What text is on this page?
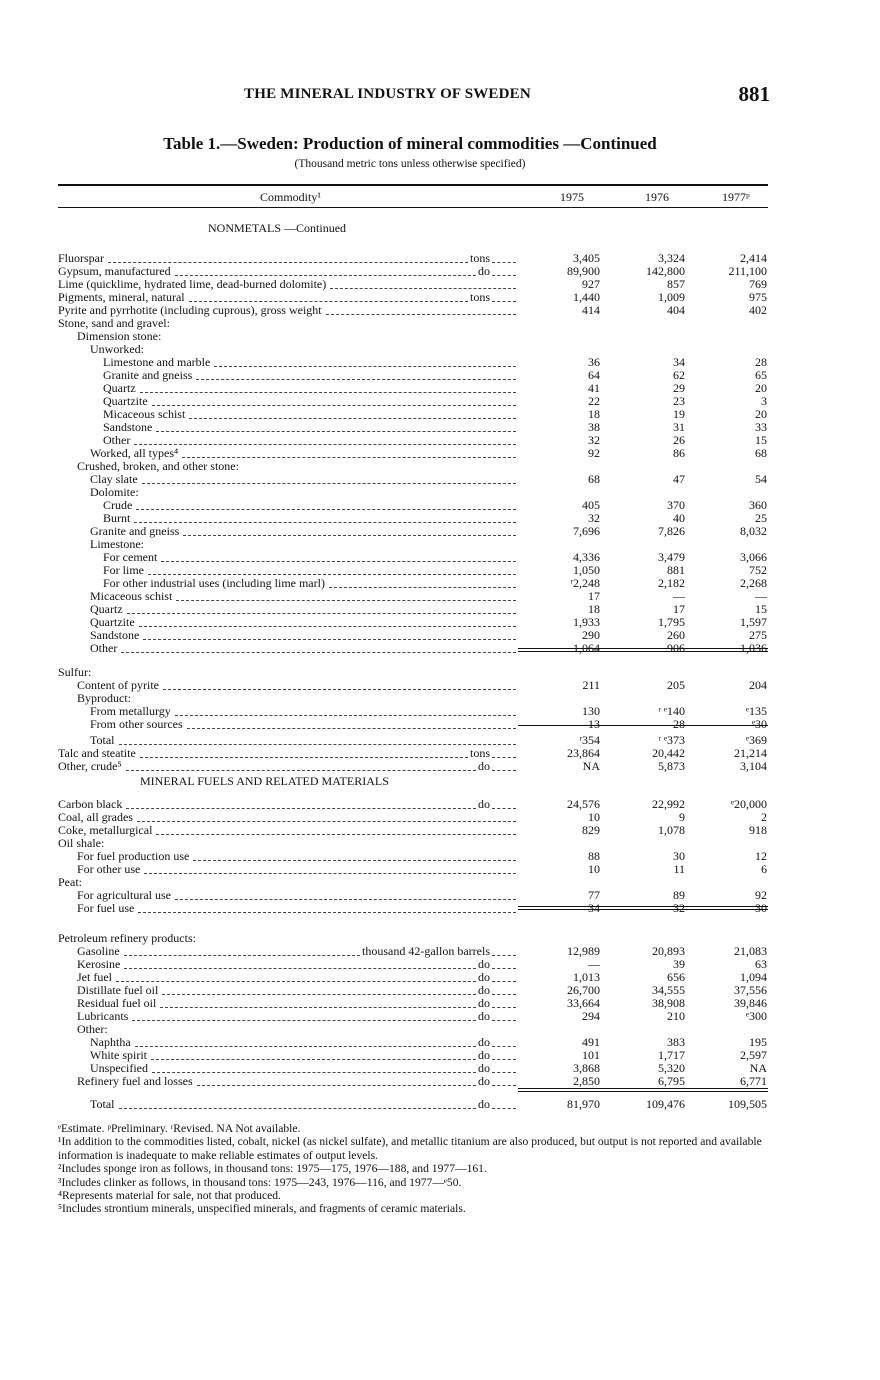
THE MINERAL INDUSTRY OF SWEDEN	881
Table 1.—Sweden: Production of mineral commodities —Continued
(Thousand metric tons unless otherwise specified)
Commodity¹	1975	1976	1977ᵖ
NONMETALS —Continued
Fluorspar	tons	3,405	3,324	2,414
Gypsum, manufactured	do	89,900	142,800	211,100
Lime (quicklime, hydrated lime, dead-burned dolomite)	927	857	769
Pigments, mineral, natural	tons	1,440	1,009	975
Pyrite and pyrrhotite (including cuprous), gross weight	414	404	402
Stone, sand and gravel:
Dimension stone:
Unworked:
Limestone and marble	36	34	28
Granite and gneiss	64	62	65
Quartz	41	29	20
Quartzite	22	23	3
Micaceous schist	18	19	20
Sandstone	38	31	33
Other	32	26	15
Worked, all types⁴	92	86	68
Crushed, broken, and other stone:
Clay slate	68	47	54
Dolomite:
Crude	405	370	360
Burnt	32	40	25
Granite and gneiss	7,696	7,826	8,032
Limestone:
For cement	4,336	3,479	3,066
For lime	1,050	881	752
For other industrial uses (including lime marl)	ʳ2,248	2,182	2,268
Micaceous schist	17	—	—
Quartz	18	17	15
Quartzite	1,933	1,795	1,597
Sandstone	290	260	275
Other	1,064	906	1,036
Sulfur:
Content of pyrite	211	205	204
Byproduct:
From metallurgy	130	ʳ ᵉ140	ᵉ135
From other sources	13	28	ᵉ30
Total	ʳ354	ʳ ᵉ373	ᵉ369
Talc and steatite	tons	23,864	20,442	21,214
Other, crude⁵	do	NA	5,873	3,104
MINERAL FUELS AND RELATED MATERIALS
Carbon black	do	24,576	22,992	ᵉ20,000
Coal, all grades	10	9	2
Coke, metallurgical	829	1,078	918
Oil shale:
For fuel production use	88	30	12
For other use	10	11	6
Peat:
For agricultural use	77	89	92
For fuel use	34	32	30
Petroleum refinery products:
Gasoline	thousand 42-gallon barrels	12,989	20,893	21,083
Kerosine	do	—	39	63
Jet fuel	do	1,013	656	1,094
Distillate fuel oil	do	26,700	34,555	37,556
Residual fuel oil	do	33,664	38,908	39,846
Lubricants	do	294	210	ᵉ300
Other:
Naphtha	do	491	383	195
White spirit	do	101	1,717	2,597
Unspecified	do	3,868	5,320	NA
Refinery fuel and losses	do	2,850	6,795	6,771
Total	do	81,970	109,476	109,505
ᵉEstimate. ᵖPreliminary. ʳRevised. NA Not available.
¹In addition to the commodities listed, cobalt, nickel (as nickel sulfate), and metallic titanium are also produced, but output is not reported and available information is inadequate to make reliable estimates of output levels.
²Includes sponge iron as follows, in thousand tons: 1975—175, 1976—188, and 1977—161.
³Includes clinker as follows, in thousand tons: 1975—243, 1976—116, and 1977—ᵉ50.
⁴Represents material for sale, not that produced.
⁵Includes strontium minerals, unspecified minerals, and fragments of ceramic materials.
